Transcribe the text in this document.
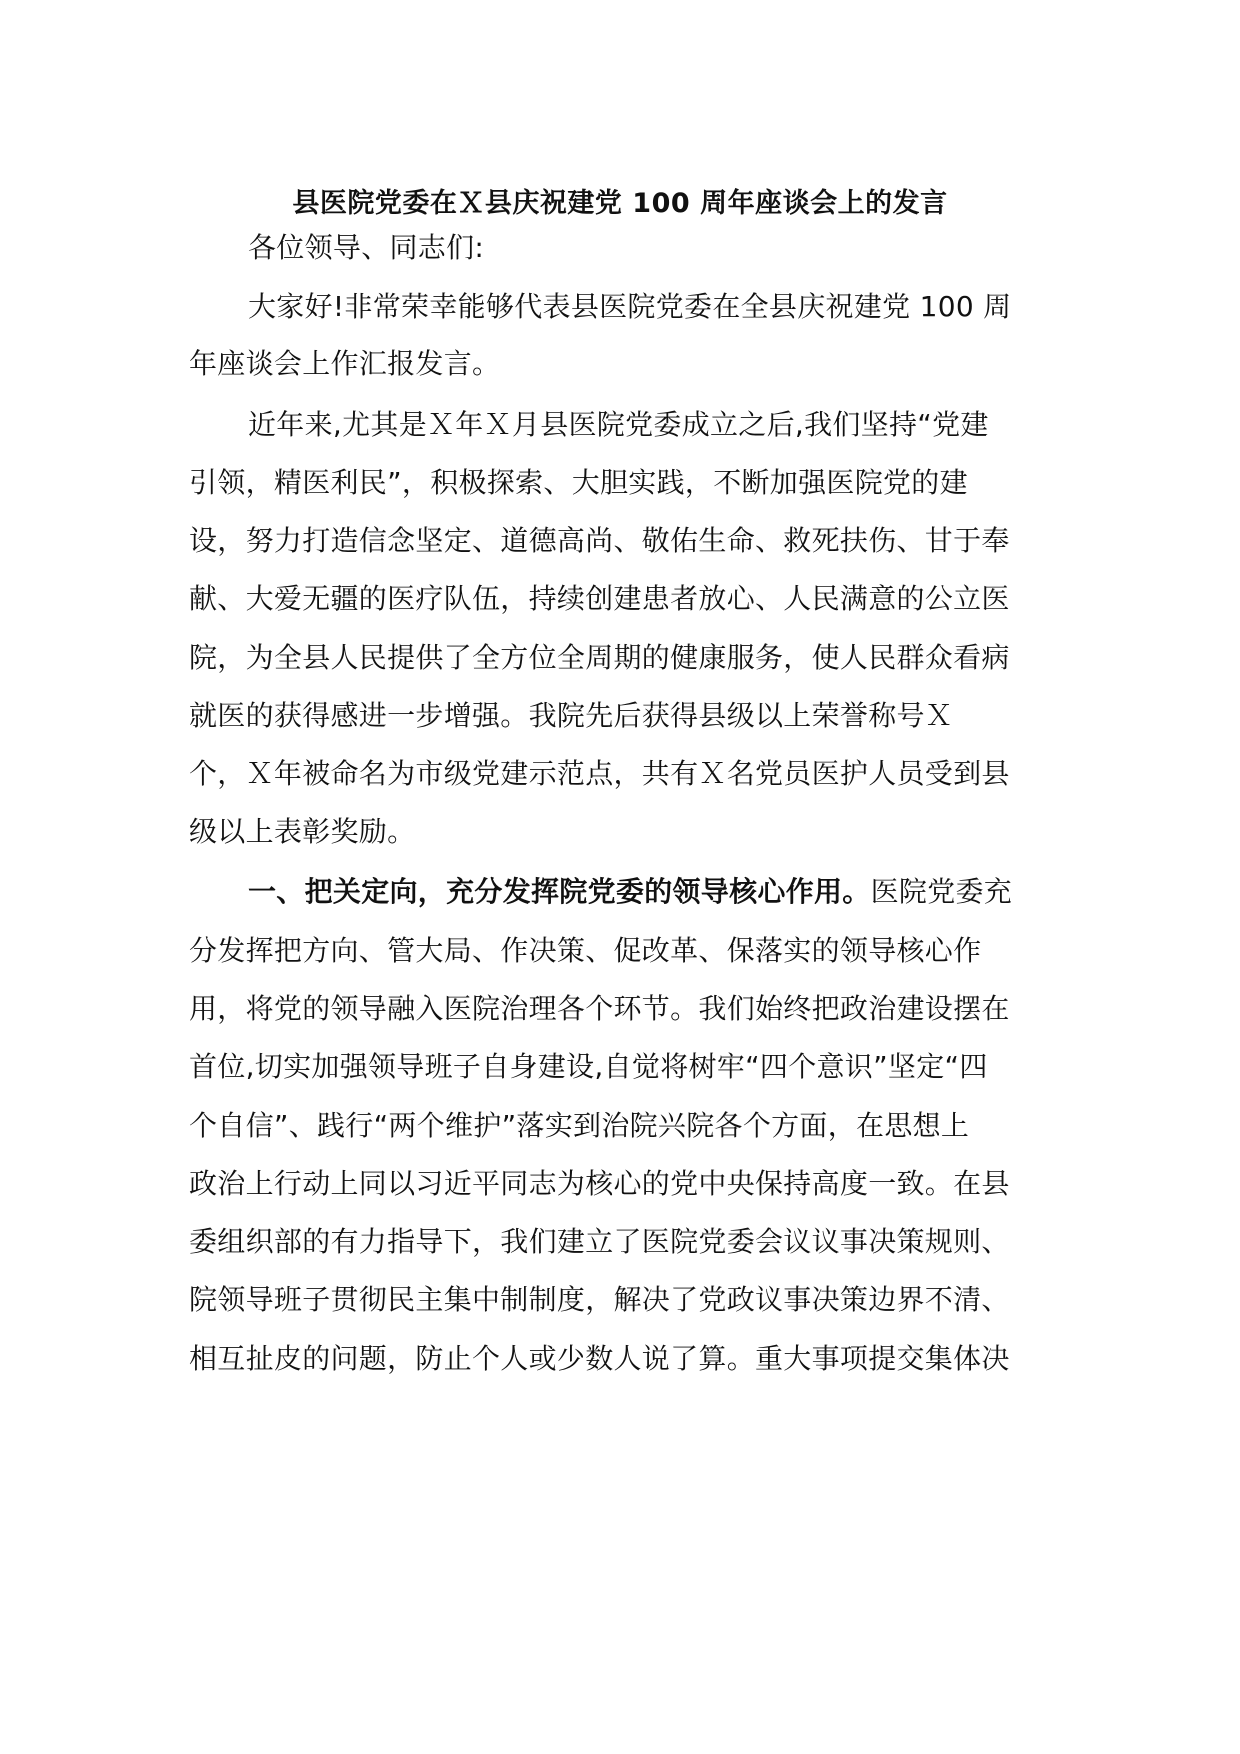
县医院党委在Ｘ县庆祝建党 100 周年座谈会上的发言
各位领导、同志们:
大家好!非常荣幸能够代表县医院党委在全县庆祝建党 100 周
年座谈会上作汇报发言。
近年来,尤其是Ｘ年Ｘ月县医院党委成立之后,我们坚持“党建
引领，精医利民”，积极探索、大胆实践，不断加强医院党的建
设，努力打造信念坚定、道德高尚、敬佑生命、救死扶伤、甘于奉
献、大爱无疆的医疗队伍，持续创建患者放心、人民满意的公立医
院，为全县人民提供了全方位全周期的健康服务，使人民群众看病
就医的获得感进一步增强。我院先后获得县级以上荣誉称号Ｘ
个，Ｘ年被命名为市级党建示范点，共有Ｘ名党员医护人员受到县
级以上表彰奖励。
一、把关定向，充分发挥院党委的领导核心作用。医院党委充
分发挥把方向、管大局、作决策、促改革、保落实的领导核心作
用，将党的领导融入医院治理各个环节。我们始终把政治建设摆在
首位,切实加强领导班子自身建设,自觉将树牢“四个意识”坚定“四
个自信”、践行“两个维护”落实到治院兴院各个方面，在思想上
政治上行动上同以习近平同志为核心的党中央保持高度一致。在县
委组织部的有力指导下，我们建立了医院党委会议议事决策规则、
院领导班子贯彻民主集中制制度，解决了党政议事决策边界不清、
相互扯皮的问题，防止个人或少数人说了算。重大事项提交集体决
